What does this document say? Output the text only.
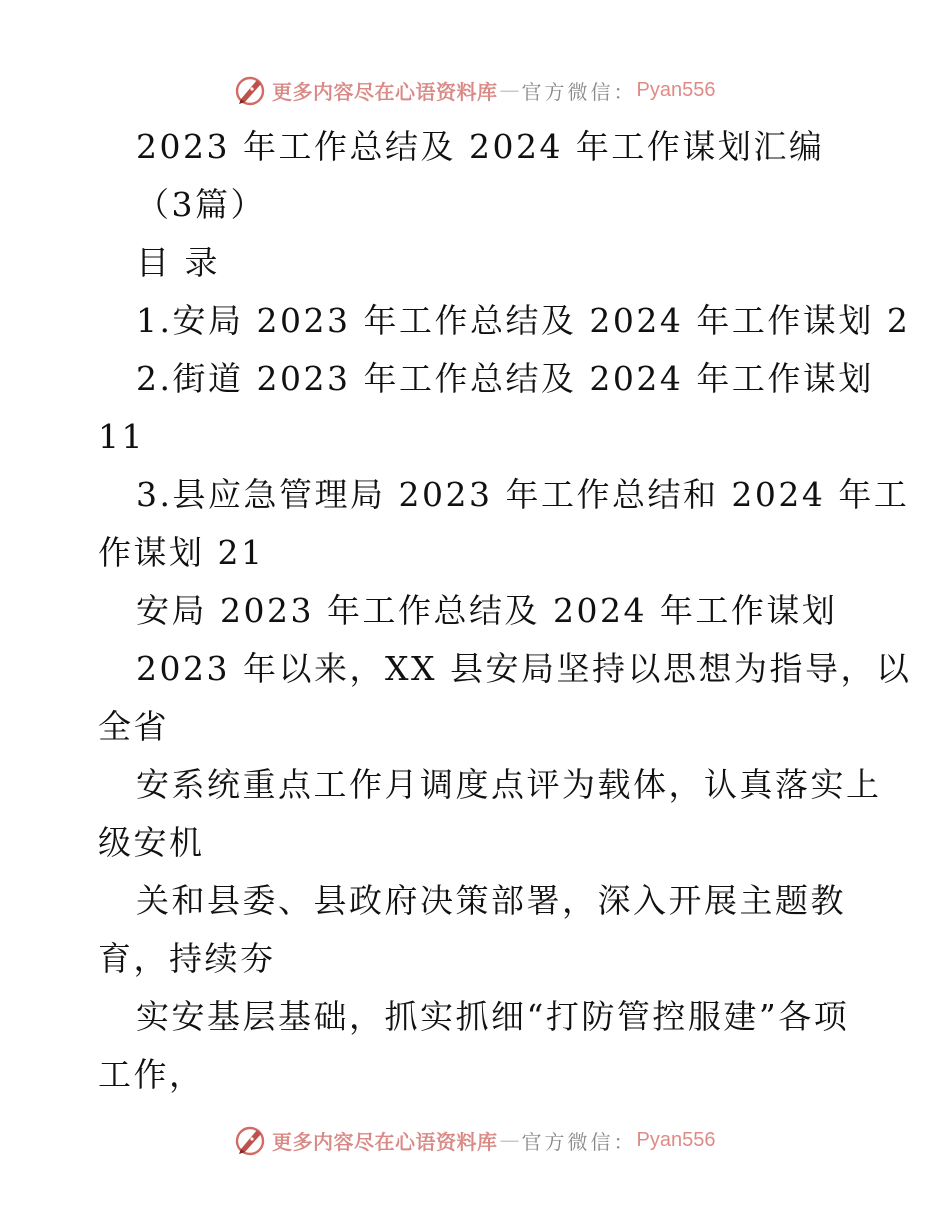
更多内容尽在心语资料库 — 官方微信： Pyan556
2023 年工作总结及 2024 年工作谋划汇编
（3篇）
目 录
1.安局 2023 年工作总结及 2024 年工作谋划 2
2.街道 2023 年工作总结及 2024 年工作谋划
11
3.县应急管理局 2023 年工作总结和 2024 年工
作谋划 21
安局 2023 年工作总结及 2024 年工作谋划
2023 年以来，XX 县安局坚持以思想为指导，以
全省
安系统重点工作月调度点评为载体，认真落实上
级安机
关和县委、县政府决策部署，深入开展主题教
育，持续夯
实安基层基础，抓实抓细“打防管控服建”各项
工作，
更多内容尽在心语资料库 — 官方微信： Pyan556
